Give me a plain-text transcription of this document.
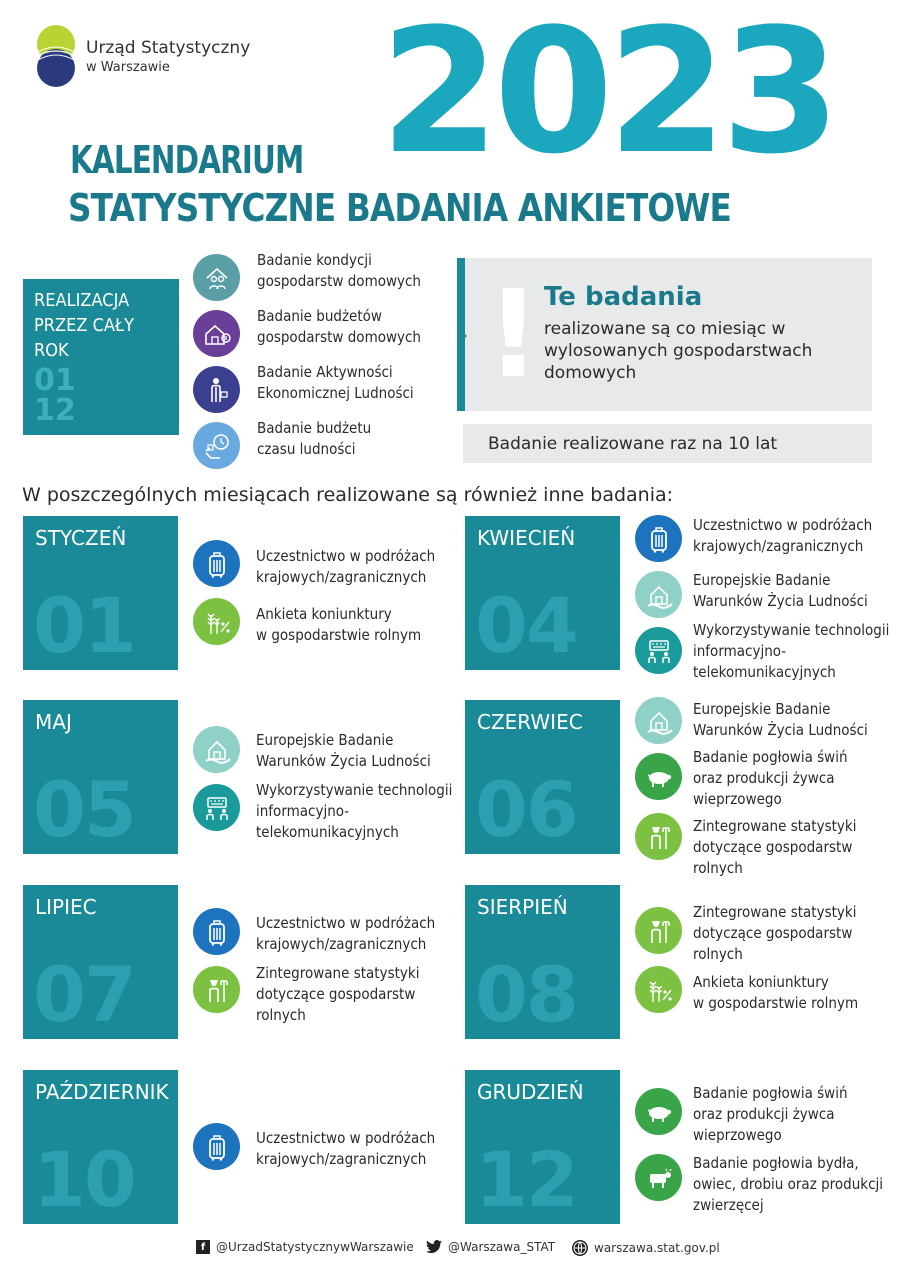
Urząd Statystyczny
w Warszawie 2023
KALENDARIUM
STATYSTYCZNE BADANIA ANKIETOWE
REALIZACJA PRZEZ CAŁY ROK
01
12
Badanie kondycji
gospodarstw domowych
Badanie budżetów
gospodarstw domowych
Badanie Aktywności
Ekonomicznej Ludności
Badanie budżetu
czasu ludności
! Te badania
realizowane są co miesiąc w wylosowanych gospodarstwach domowych
Badanie realizowane raz na 10 lat
W poszczególnych miesiącach realizowane są również inne badania:
STYCZEŃ
01
Uczestnictwo w podróżach
krajowych/zagranicznych
Ankieta koniunktury
w gospodarstwie rolnym
KWIECIEŃ
04
Uczestnictwo w podróżach
krajowych/zagranicznych
Europejskie Badanie
Warunków Życia Ludności
Wykorzystywanie technologii
informacyjno-
telekomunikacyjnych
MAJ
05
Europejskie Badanie
Warunków Życia Ludności
Wykorzystywanie technologii
informacyjno-
telekomunikacyjnych
CZERWIEC
06
Europejskie Badanie
Warunków Życia Ludności
Badanie pogłowia świń
oraz produkcji żywca
wieprzowego
Zintegrowane statystyki
dotyczące gospodarstw
rolnych
LIPIEC
07
Uczestnictwo w podróżach
krajowych/zagranicznych
Zintegrowane statystyki
dotyczące gospodarstw
rolnych
SIERPIEŃ
08
Zintegrowane statystyki
dotyczące gospodarstw
rolnych
Ankieta koniunktury
w gospodarstwie rolnym
PAŹDZIERNIK
10	Uczestnictwo w podróżach
krajowych/zagranicznych
GRUDZIEŃ
12
Badanie pogłowia świń
oraz produkcji żywca
wieprzowego
Badanie pogłowia bydła,
owiec, drobiu oraz produkcji
zwierzęcej
f @UrzadStatystycznywWarszawie	@Warszawa_STAT	warszawa.stat.gov.pl
